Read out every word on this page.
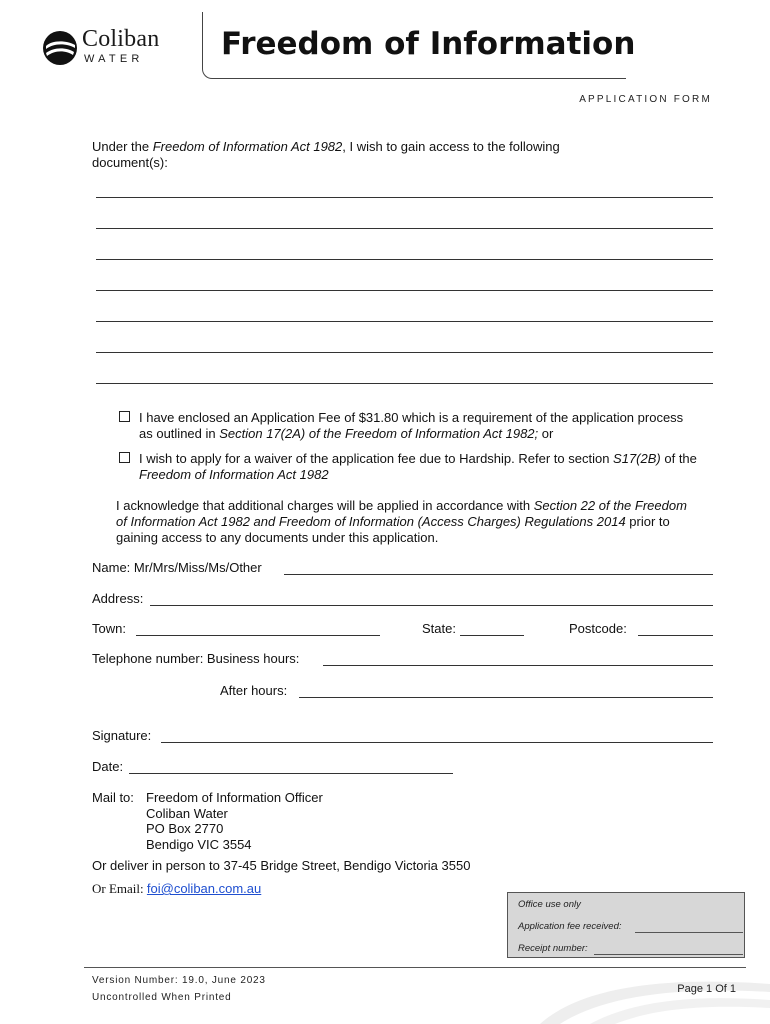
Coliban
WATER	Freedom of Information
APPLICATION FORM
Under the Freedom of Information Act 1982, I wish to gain access to the following document(s):
I have enclosed an Application Fee of $31.80 which is a requirement of the application process as outlined in Section 17(2A) of the Freedom of Information Act 1982; or
I wish to apply for a waiver of the application fee due to Hardship. Refer to section S17(2B) of the Freedom of Information Act 1982
I acknowledge that additional charges will be applied in accordance with Section 22 of the Freedom of Information Act 1982 and Freedom of Information (Access Charges) Regulations 2014 prior to gaining access to any documents under this application.
Name: Mr/Mrs/Miss/Ms/Other
Address:
Town:	State:	Postcode:
Telephone number: Business hours:
After hours:
Signature:
Date:
Mail to: Freedom of Information Officer
Coliban Water
PO Box 2770
Bendigo VIC 3554
Or deliver in person to 37-45 Bridge Street, Bendigo Victoria 3550
Or Email: foi@coliban.com.au
Office use only
Application fee received:
Receipt number:
Version Number: 19.0, June 2023
Uncontrolled When Printed
Page 1 Of 1
